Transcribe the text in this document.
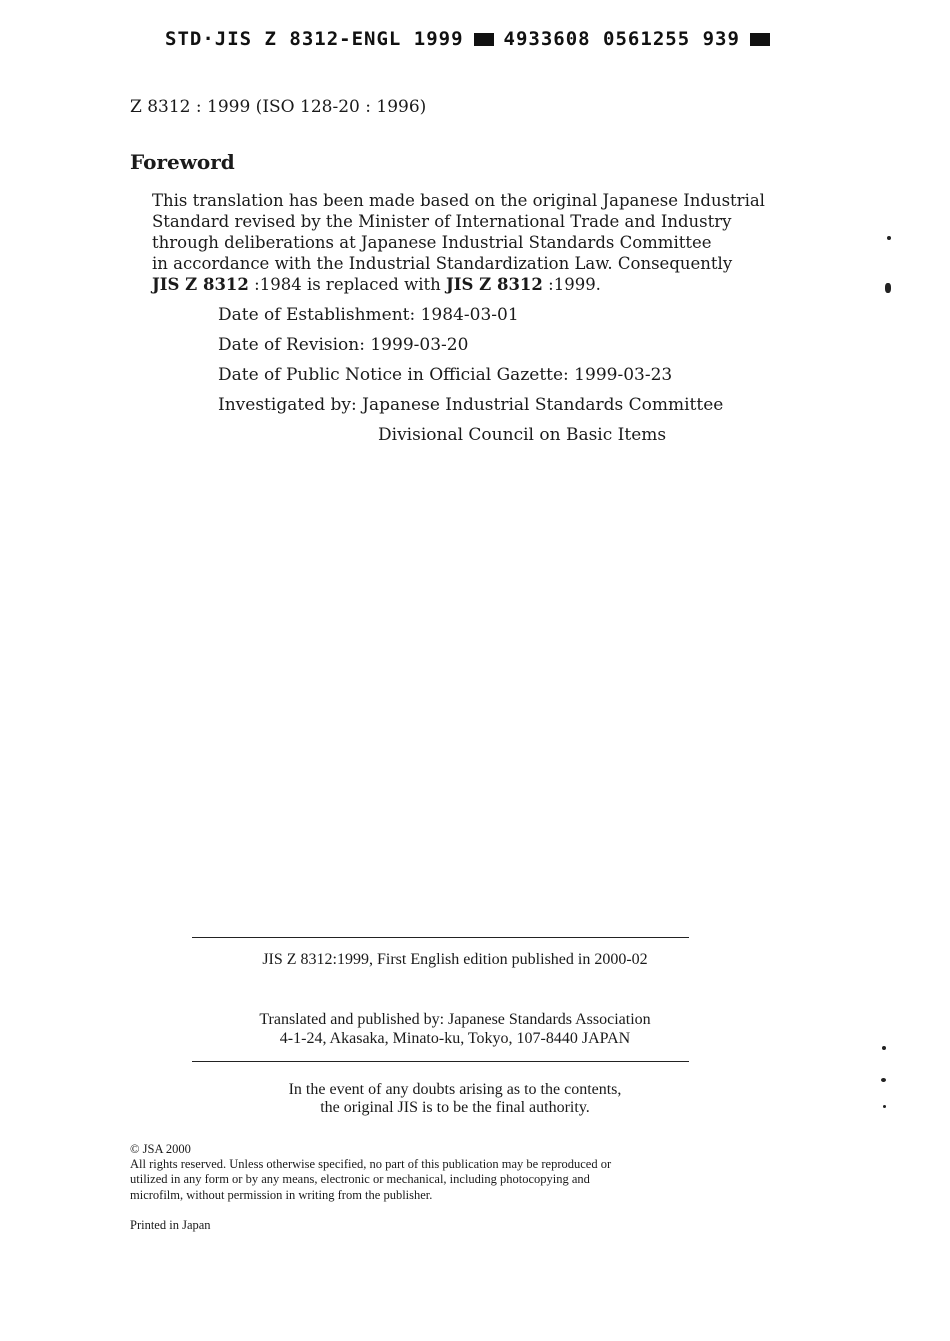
STD·JIS Z 8312-ENGL 1999 4933608 0561255 939
Z 8312 : 1999 (ISO 128-20 : 1996)
Foreword
This translation has been made based on the original Japanese Industrial
Standard revised by the Minister of International Trade and Industry
through deliberations at Japanese Industrial Standards Committee
in accordance with the Industrial Standardization Law. Consequently
JIS Z 8312 :1984 is replaced with JIS Z 8312 :1999.
Date of Establishment: 1984-03-01
Date of Revision: 1999-03-20
Date of Public Notice in Official Gazette: 1999-03-23
Investigated by: Japanese Industrial Standards Committee
Divisional Council on Basic Items
JIS Z 8312:1999, First English edition published in 2000-02
Translated and published by: Japanese Standards Association
4-1-24, Akasaka, Minato-ku, Tokyo, 107-8440 JAPAN
In the event of any doubts arising as to the contents,
the original JIS is to be the final authority.
© JSA 2000
All rights reserved. Unless otherwise specified, no part of this publication may be reproduced or
utilized in any form or by any means, electronic or mechanical, including photocopying and
microfilm, without permission in writing from the publisher.
Printed in Japan
